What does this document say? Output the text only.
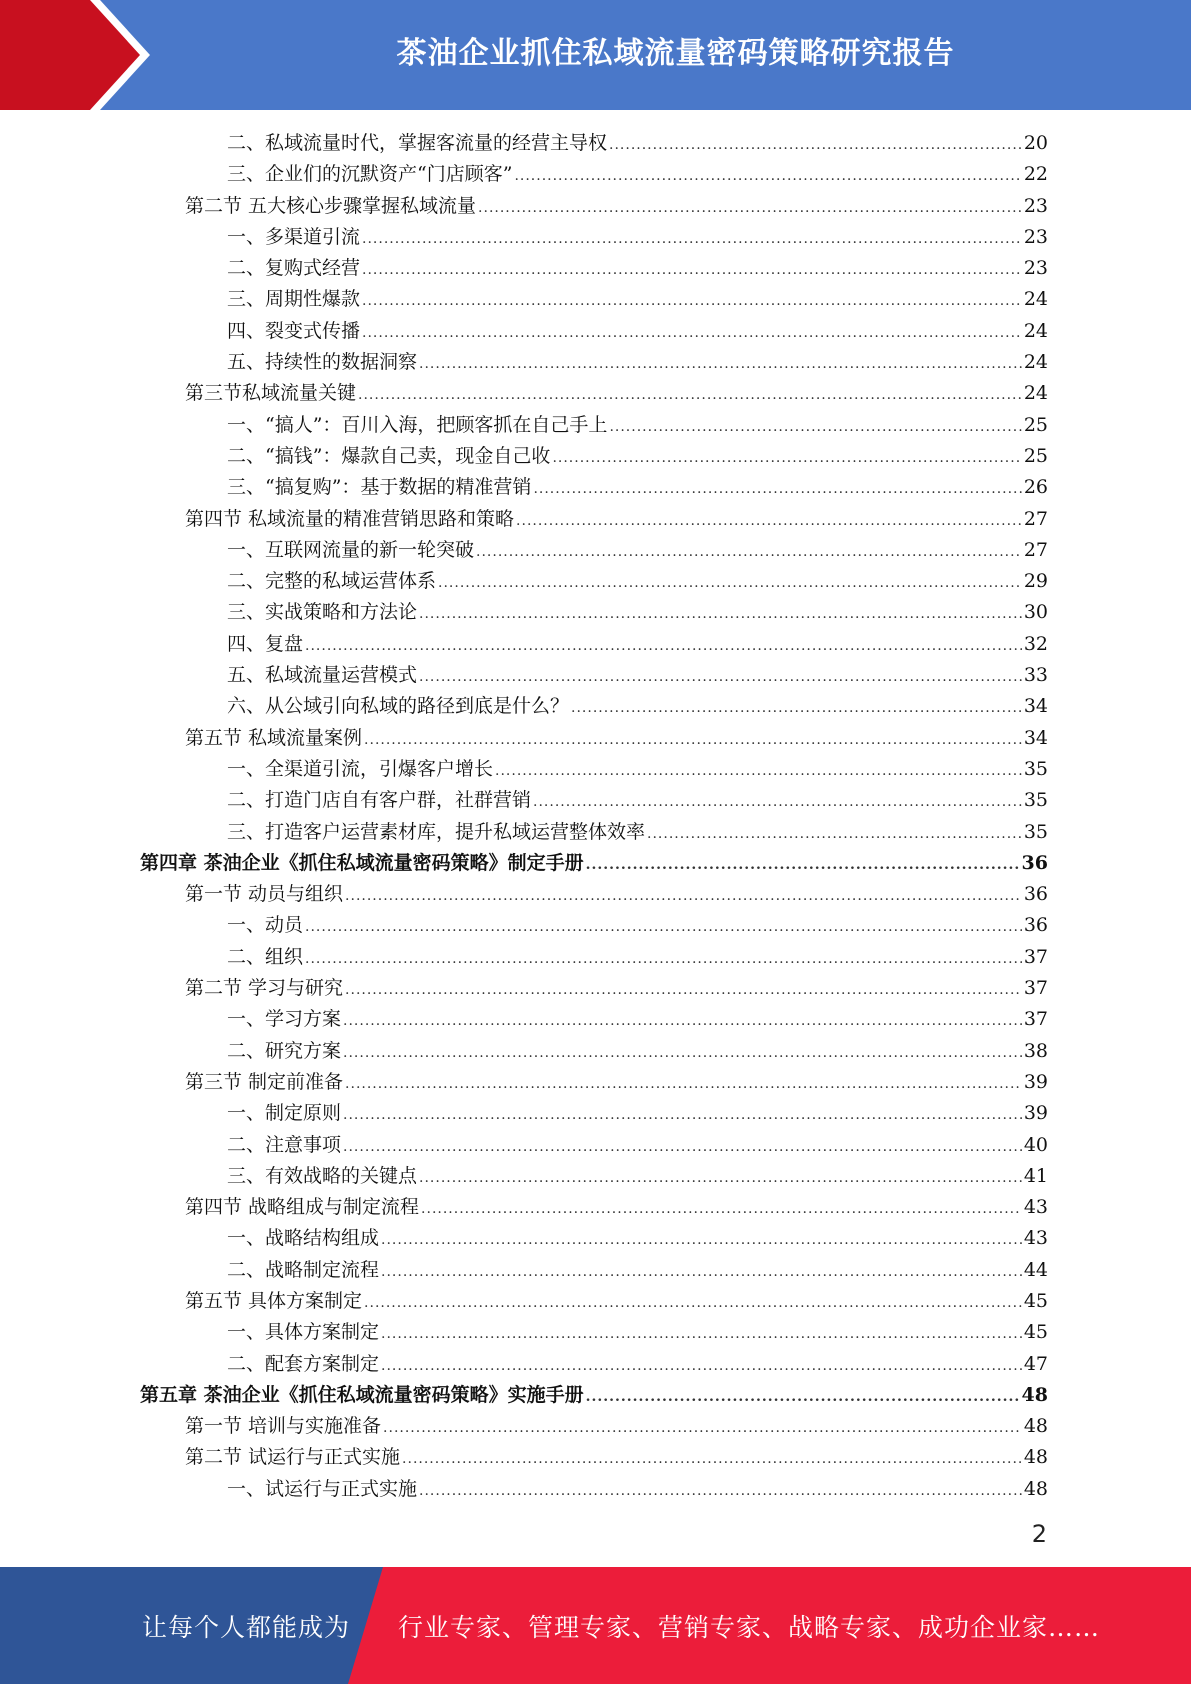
茶油企业抓住私域流量密码策略研究报告
二、私域流量时代，掌握客流量的经营主导权 .....	20
三、企业们的沉默资产“门店顾客” .....	22
第二节 五大核心步骤掌握私域流量 .....	23
一、多渠道引流 .....	23
二、复购式经营 .....	23
三、周期性爆款 .....	24
四、裂变式传播 .....	24
五、持续性的数据洞察 .....	24
第三节私域流量关键 .....	24
一、“搞人”：百川入海，把顾客抓在自己手上 .....	25
二、“搞钱”：爆款自己卖，现金自己收 .....	25
三、“搞复购”：基于数据的精准营销 .....	26
第四节 私域流量的精准营销思路和策略 .....	27
一、互联网流量的新一轮突破 .....	27
二、完整的私域运营体系 .....	29
三、实战策略和方法论 .....	30
四、复盘 .....	32
五、私域流量运营模式 .....	33
六、从公域引向私域的路径到底是什么？ .....	34
第五节 私域流量案例 .....	34
一、全渠道引流，引爆客户增长 .....	35
二、打造门店自有客户群，社群营销 .....	35
三、打造客户运营素材库，提升私域运营整体效率 .....	35
第四章 茶油企业《抓住私域流量密码策略》制定手册 .....	36
第一节 动员与组织 .....	36
一、动员 .....	36
二、组织 .....	37
第二节 学习与研究 .....	37
一、学习方案 .....	37
二、研究方案 .....	38
第三节 制定前准备 .....	39
一、制定原则 .....	39
二、注意事项 .....	40
三、有效战略的关键点 .....	41
第四节 战略组成与制定流程 .....	43
一、战略结构组成 .....	43
二、战略制定流程 .....	44
第五节 具体方案制定 .....	45
一、具体方案制定 .....	45
二、配套方案制定 .....	47
第五章 茶油企业《抓住私域流量密码策略》实施手册 .....	48
第一节 培训与实施准备 .....	48
第二节 试运行与正式实施 .....	48
一、试运行与正式实施 .....	48
2
让每个人都能成为 行业专家、管理专家、营销专家、战略专家、成功企业家……
